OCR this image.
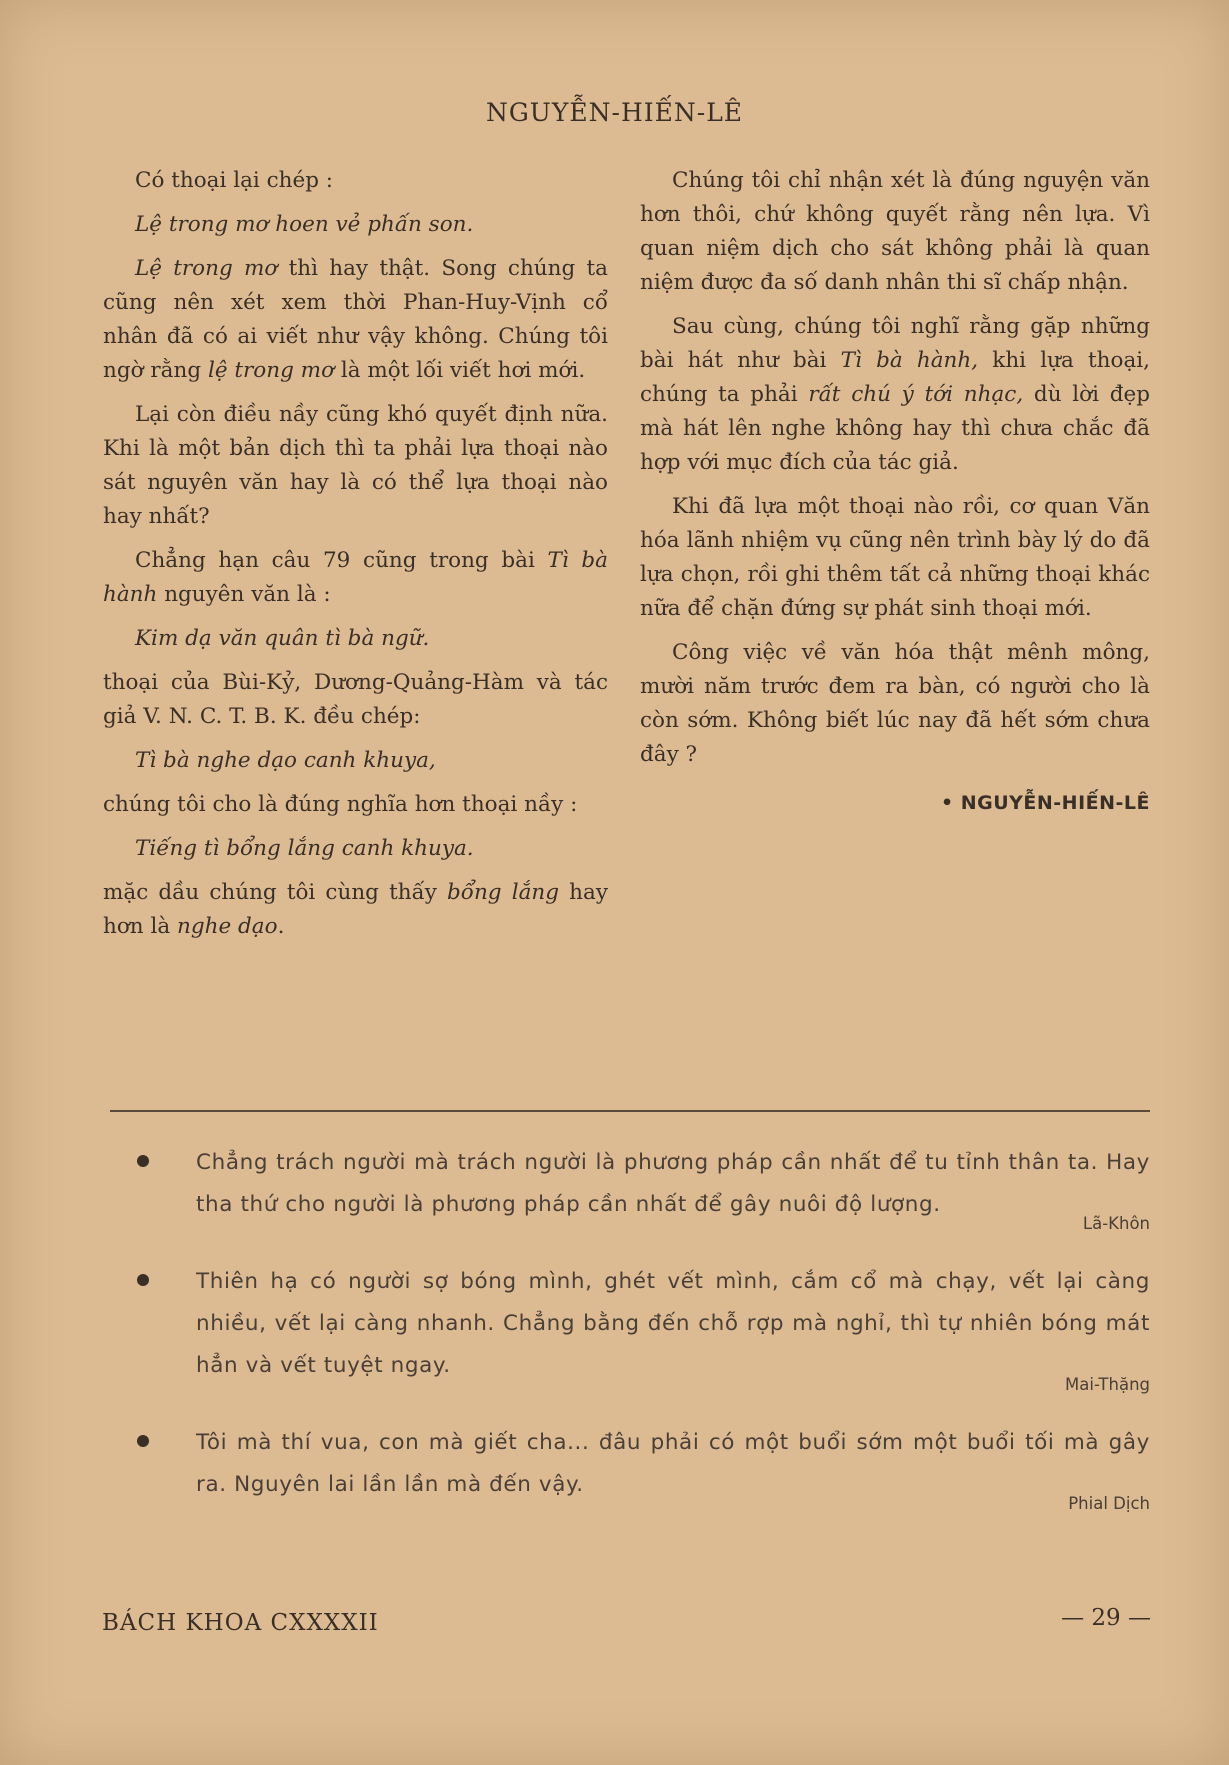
NGUYỄN-HIẾN-LÊ

Có thoại lại chép :

Lệ trong mơ hoen vẻ phấn son.

Lệ trong mơ thì hay thật. Song chúng ta cũng nên xét xem thời Phan-Huy-Vịnh cổ nhân đã có ai viết như vậy không. Chúng tôi ngờ rằng lệ trong mơ là một lối viết hơi mới.

Lại còn điều nầy cũng khó quyết định nữa. Khi là một bản dịch thì ta phải lựa thoại nào sát nguyên văn hay là có thể lựa thoại nào hay nhất?

Chẳng hạn câu 79 cũng trong bài Tì bà hành nguyên văn là :

Kim dạ văn quân tì bà ngữ.

thoại của Bùi-Kỷ, Dương-Quảng-Hàm và tác giả V. N. C. T. B. K. đều chép:

Tì bà nghe dạo canh khuya,

chúng tôi cho là đúng nghĩa hơn thoại nầy :

Tiếng tì bổng lắng canh khuya.

mặc dầu chúng tôi cùng thấy bổng lắng hay hơn là nghe dạo.

Chúng tôi chỉ nhận xét là đúng nguyện văn hơn thôi, chứ không quyết rằng nên lựa. Vì quan niệm dịch cho sát không phải là quan niệm được đa số danh nhân thi sĩ chấp nhận.

Sau cùng, chúng tôi nghĩ rằng gặp những bài hát như bài Tì bà hành, khi lựa thoại, chúng ta phải rất chú ý tới nhạc, dù lời đẹp mà hát lên nghe không hay thì chưa chắc đã hợp với mục đích của tác giả.

Khi đã lựa một thoại nào rồi, cơ quan Văn hóa lãnh nhiệm vụ cũng nên trình bày lý do đã lựa chọn, rồi ghi thêm tất cả những thoại khác nữa để chặn đứng sự phát sinh thoại mới.

Công việc về văn hóa thật mênh mông, mười năm trước đem ra bàn, có người cho là còn sớm. Không biết lúc nay đã hết sớm chưa đây ?

• NGUYỄN-HIẾN-LÊ
Chẳng trách người mà trách người là phương pháp cần nhất để tu tỉnh thân ta. Hay tha thứ cho người là phương pháp cần nhất để gây nuôi độ lượng.
Lã-Khôn
Thiên hạ có người sợ bóng mình, ghét vết mình, cắm cổ mà chạy, vết lại càng nhiều, vết lại càng nhanh. Chẳng bằng đến chỗ rợp mà nghỉ, thì tự nhiên bóng mát hẳn và vết tuyệt ngay.
Mai-Thặng
Tôi mà thí vua, con mà giết cha... đâu phải có một buổi sớm một buổi tối mà gây ra. Nguyên lai lần lần mà đến vậy.
Phial Dịch
BÁCH KHOA CXXXXII	— 29 —
